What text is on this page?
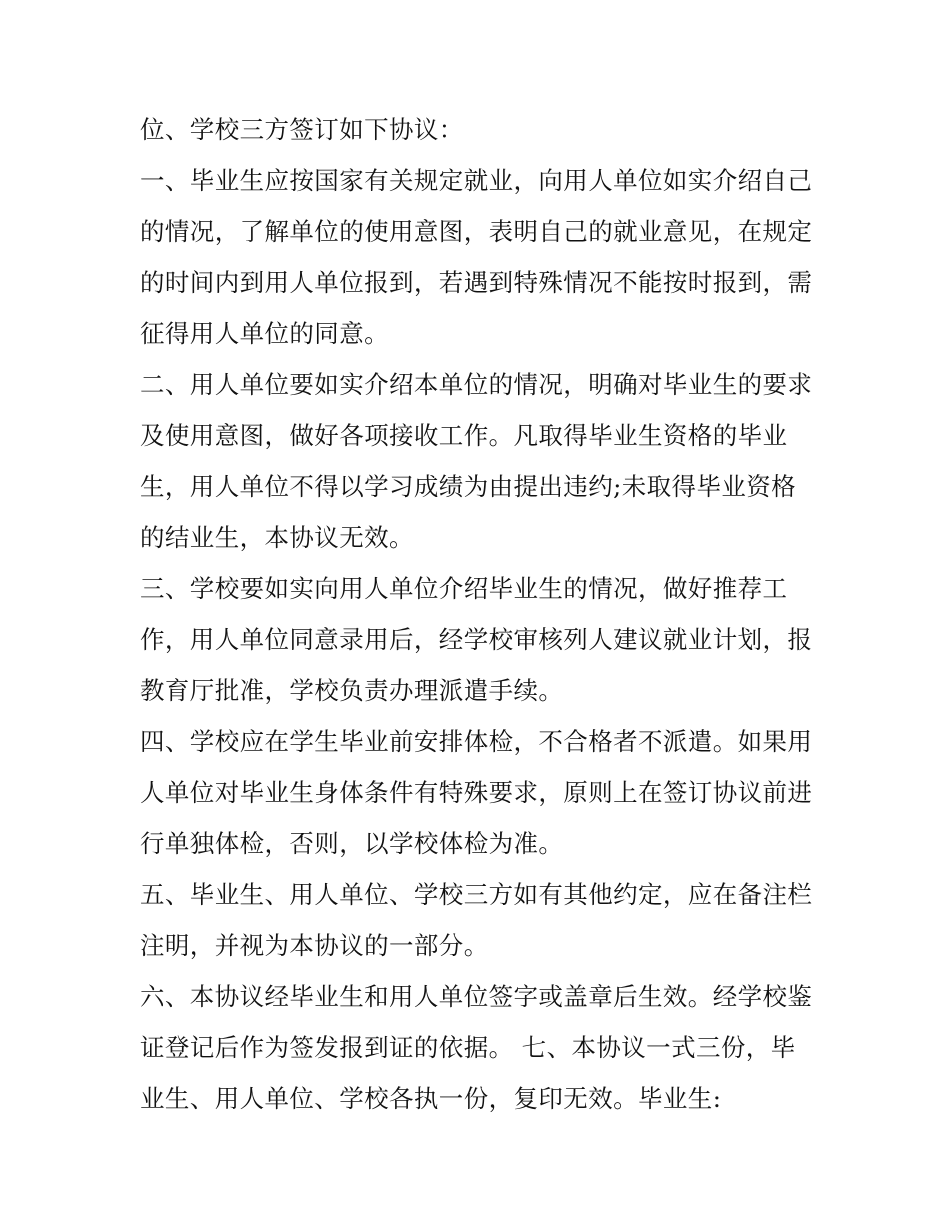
位、学校三方签订如下协议：
一、毕业生应按国家有关规定就业，向用人单位如实介绍自己
的情况，了解单位的使用意图，表明自己的就业意见，在规定
的时间内到用人单位报到，若遇到特殊情况不能按时报到，需
征得用人单位的同意。
二、用人单位要如实介绍本单位的情况，明确对毕业生的要求
及使用意图，做好各项接收工作。凡取得毕业生资格的毕业
生，用人单位不得以学习成绩为由提出违约;未取得毕业资格
的结业生，本协议无效。
三、学校要如实向用人单位介绍毕业生的情况，做好推荐工
作，用人单位同意录用后，经学校审核列人建议就业计划，报
教育厅批准，学校负责办理派遣手续。
四、学校应在学生毕业前安排体检，不合格者不派遣。如果用
人单位对毕业生身体条件有特殊要求，原则上在签订协议前进
行单独体检，否则，以学校体检为准。
五、毕业生、用人单位、学校三方如有其他约定，应在备注栏
注明，并视为本协议的一部分。
六、本协议经毕业生和用人单位签字或盖章后生效。经学校鉴
证登记后作为签发报到证的依据。 七、本协议一式三份，毕
业生、用人单位、学校各执一份，复印无效。毕业生:
